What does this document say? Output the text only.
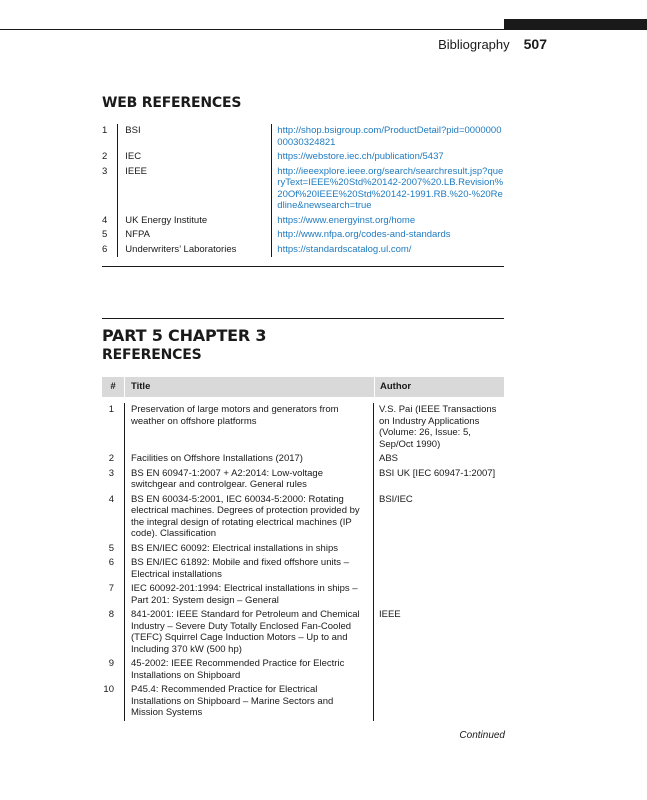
Bibliography 507
WEB REFERENCES
1	BSI	http://shop.bsigroup.com/ProductDetail?pid=000000000030324821
2	IEC	https://webstore.iec.ch/publication/5437
3	IEEE	http://ieeexplore.ieee.org/search/searchresult.jsp?queryText=IEEE%20Std%20142-2007%20.LB.Revision%20Of%20IEEE%20Std%20142-1991.RB.%20-%20Redline&newsearch=true
4	UK Energy Institute	https://www.energyinst.org/home
5	NFPA	http://www.nfpa.org/codes-and-standards
6	Underwriters’ Laboratories	https://standardscatalog.ul.com/
PART 5 CHAPTER 3
REFERENCES
#	Title	Author
1	Preservation of large motors and generators from weather on offshore platforms	V.S. Pai (IEEE Transactions on Industry Applications (Volume: 26, Issue: 5, Sep/Oct 1990)
2	Facilities on Offshore Installations (2017)	ABS
3	BS EN 60947-1:2007 + A2:2014: Low-voltage switchgear and controlgear. General rules	BSI UK [IEC 60947-1:2007]
4	BS EN 60034-5:2001, IEC 60034-5:2000: Rotating electrical machines. Degrees of protection provided by the integral design of rotating electrical machines (IP code). Classification	BSI/IEC
5	BS EN/IEC 60092: Electrical installations in ships	
6	BS EN/IEC 61892: Mobile and fixed offshore units – Electrical installations	
7	IEC 60092-201:1994: Electrical installations in ships – Part 201: System design – General	
8	841-2001: IEEE Standard for Petroleum and Chemical Industry – Severe Duty Totally Enclosed Fan-Cooled (TEFC) Squirrel Cage Induction Motors – Up to and Including 370 kW (500 hp)	IEEE
9	45-2002: IEEE Recommended Practice for Electric Installations on Shipboard	
10	P45.4: Recommended Practice for Electrical Installations on Shipboard – Marine Sectors and Mission Systems	
Continued
